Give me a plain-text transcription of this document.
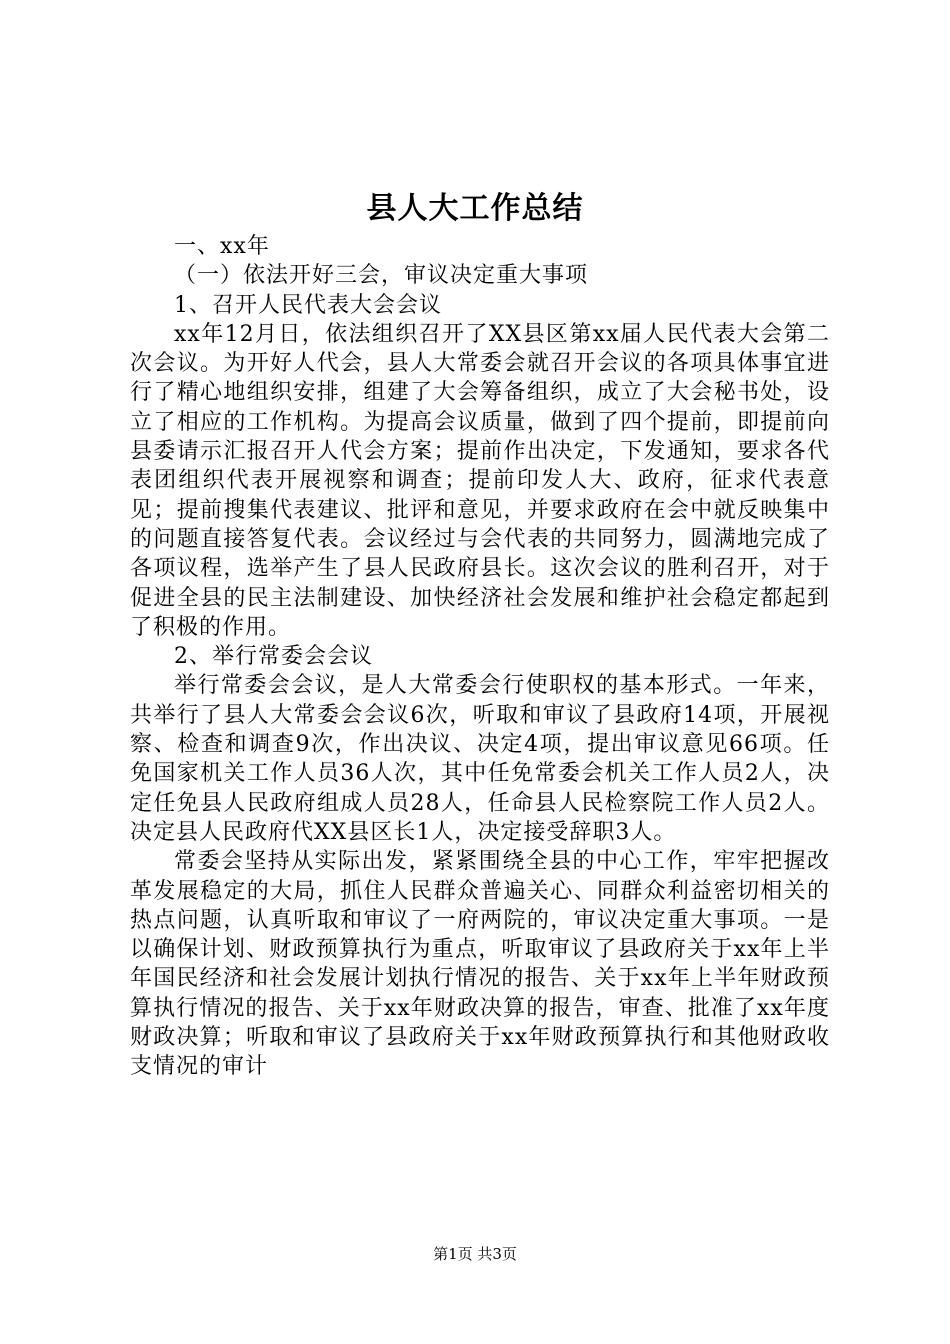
县人大工作总结

一、xx年

（一）依法开好三会，审议决定重大事项

1、召开人民代表大会会议

xx年12月日，依法组织召开了XX县区第xx届人民代表大会第二次会议。为开好人代会，县人大常委会就召开会议的各项具体事宜进行了精心地组织安排，组建了大会筹备组织，成立了大会秘书处，设立了相应的工作机构。为提高会议质量，做到了四个提前，即提前向县委请示汇报召开人代会方案；提前作出决定，下发通知，要求各代表团组织代表开展视察和调查；提前印发人大、政府，征求代表意见；提前搜集代表建议、批评和意见，并要求政府在会中就反映集中的问题直接答复代表。会议经过与会代表的共同努力，圆满地完成了各项议程，选举产生了县人民政府县长。这次会议的胜利召开，对于促进全县的民主法制建设、加快经济社会发展和维护社会稳定都起到了积极的作用。

2、举行常委会会议

举行常委会会议，是人大常委会行使职权的基本形式。一年来，共举行了县人大常委会会议6次，听取和审议了县政府14项，开展视察、检查和调查9次，作出决议、决定4项，提出审议意见66项。任免国家机关工作人员36人次，其中任免常委会机关工作人员2人，决定任免县人民政府组成人员28人，任命县人民检察院工作人员2人。决定县人民政府代XX县区长1人，决定接受辞职3人。

常委会坚持从实际出发，紧紧围绕全县的中心工作，牢牢把握改革发展稳定的大局，抓住人民群众普遍关心、同群众利益密切相关的热点问题，认真听取和审议了一府两院的，审议决定重大事项。一是以确保计划、财政预算执行为重点，听取审议了县政府关于xx年上半年国民经济和社会发展计划执行情况的报告、关于xx年上半年财政预算执行情况的报告、关于xx年财政决算的报告，审查、批准了xx年度财政决算；听取和审议了县政府关于xx年财政预算执行和其他财政收支情况的审计

第1页 共3页
